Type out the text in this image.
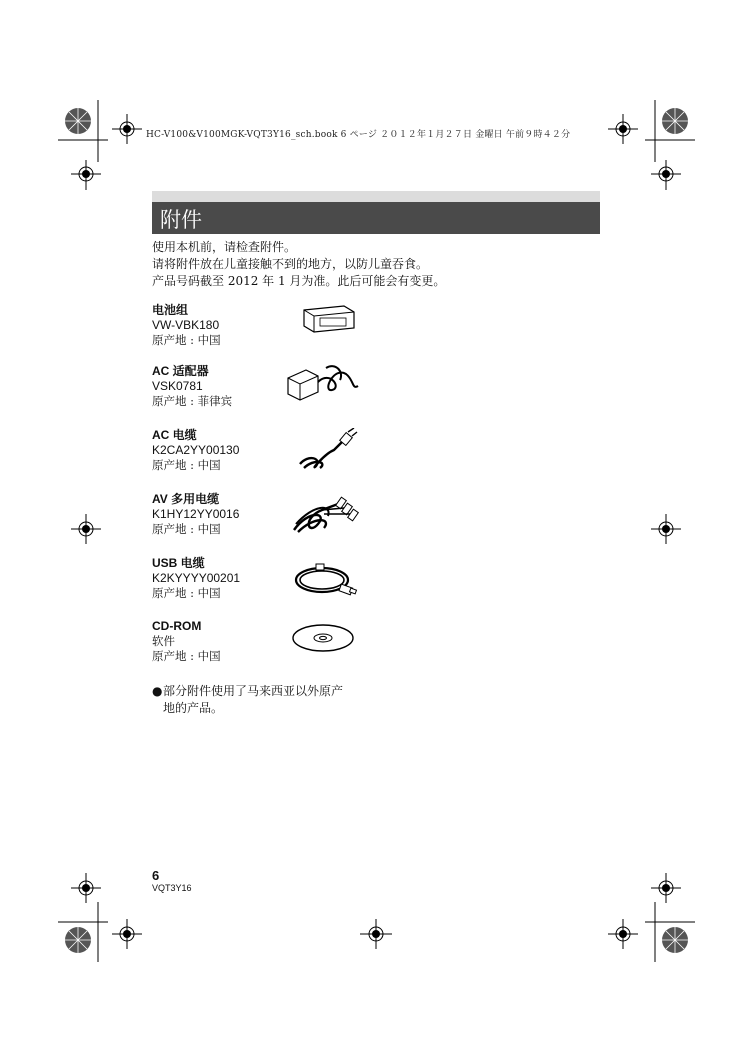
HC-V100&V100MGK-VQT3Y16_sch.book 6 ページ ２０１２年１月２７日 金曜日 午前９時４２分
附件
使用本机前，请检查附件。
请将附件放在儿童接触不到的地方，以防儿童吞食。
产品号码截至 2012 年 1 月为准。此后可能会有变更。
电池组
VW-VBK180
原产地 : 中国
AC 适配器
VSK0781
原产地 : 菲律宾
AC 电缆
K2CA2YY00130
原产地 : 中国
AV 多用电缆
K1HY12YY0016
原产地 : 中国
USB 电缆
K2KYYYY00201
原产地 : 中国
CD-ROM
软件
原产地 : 中国
●部分附件使用了马来西亚以外原产
地的产品。
6
VQT3Y16
